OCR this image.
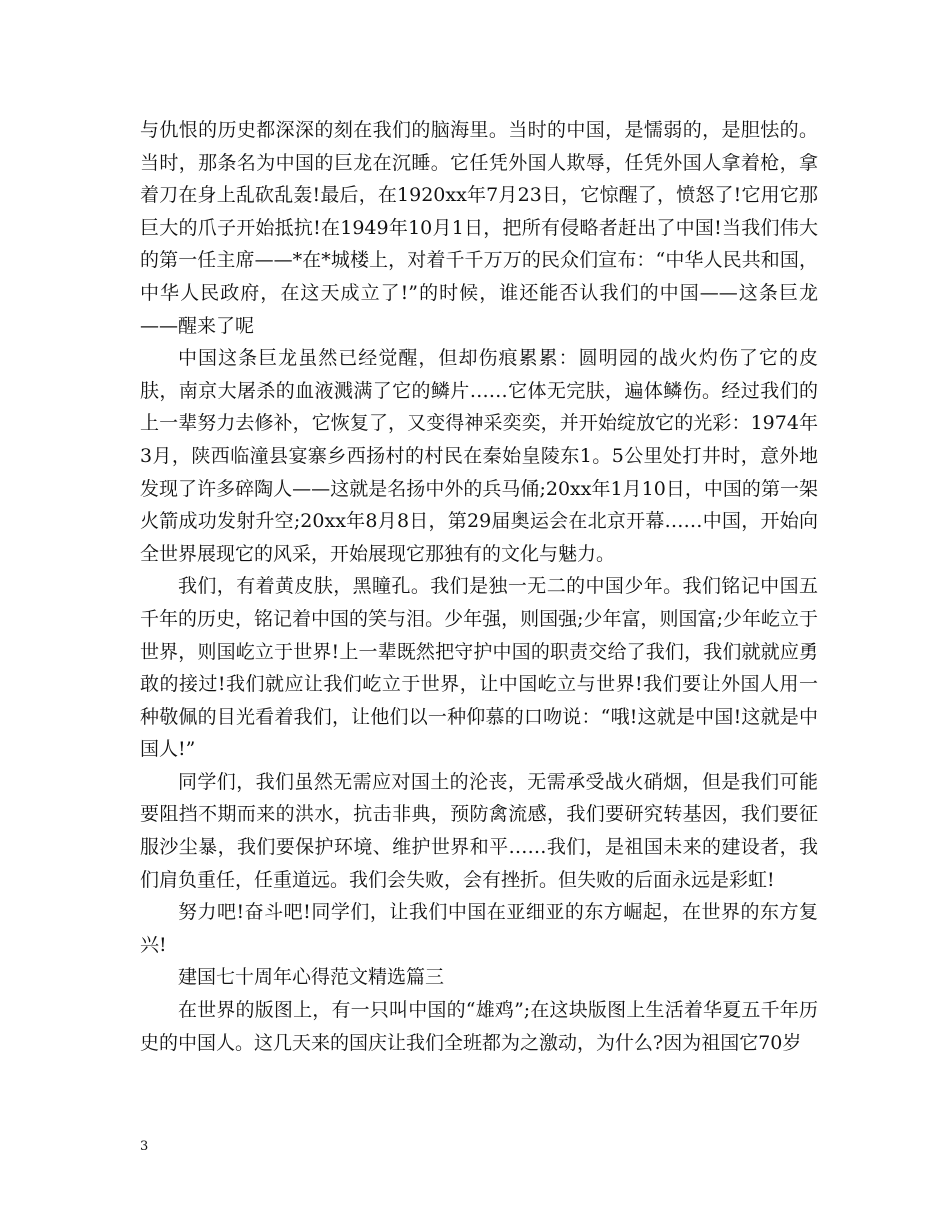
与仇恨的历史都深深的刻在我们的脑海里。当时的中国，是懦弱的，是胆怯的。当时，那条名为中国的巨龙在沉睡。它任凭外国人欺辱，任凭外国人拿着枪，拿着刀在身上乱砍乱轰!最后，在1920xx年7月23日，它惊醒了，愤怒了!它用它那巨大的爪子开始抵抗!在1949年10月1日，把所有侵略者赶出了中国!当我们伟大的第一任主席——*在*城楼上，对着千千万万的民众们宣布：“中华人民共和国，中华人民政府，在这天成立了!”的时候，谁还能否认我们的中国——这条巨龙——醒来了呢

中国这条巨龙虽然已经觉醒，但却伤痕累累：圆明园的战火灼伤了它的皮肤，南京大屠杀的血液溅满了它的鳞片……它体无完肤，遍体鳞伤。经过我们的上一辈努力去修补，它恢复了，又变得神采奕奕，并开始绽放它的光彩：1974年3月，陕西临潼县宴寨乡西扬村的村民在秦始皇陵东1。5公里处打井时，意外地发现了许多碎陶人——这就是名扬中外的兵马俑;20xx年1月10日，中国的第一架火箭成功发射升空;20xx年8月8日，第29届奥运会在北京开幕……中国，开始向全世界展现它的风采，开始展现它那独有的文化与魅力。

我们，有着黄皮肤，黑瞳孔。我们是独一无二的中国少年。我们铭记中国五千年的历史，铭记着中国的笑与泪。少年强，则国强;少年富，则国富;少年屹立于世界，则国屹立于世界!上一辈既然把守护中国的职责交给了我们，我们就就应勇敢的接过!我们就应让我们屹立于世界，让中国屹立与世界!我们要让外国人用一种敬佩的目光看着我们，让他们以一种仰慕的口吻说：“哦!这就是中国!这就是中国人!”

同学们，我们虽然无需应对国土的沦丧，无需承受战火硝烟，但是我们可能要阻挡不期而来的洪水，抗击非典，预防禽流感，我们要研究转基因，我们要征服沙尘暴，我们要保护环境、维护世界和平……我们，是祖国未来的建设者，我们肩负重任，任重道远。我们会失败，会有挫折。但失败的后面永远是彩虹!

努力吧!奋斗吧!同学们，让我们中国在亚细亚的东方崛起，在世界的东方复兴!

建国七十周年心得范文精选篇三

在世界的版图上，有一只叫中国的“雄鸡”;在这块版图上生活着华夏五千年历史的中国人。这几天来的国庆让我们全班都为之激动，为什么?因为祖国它70岁

3
